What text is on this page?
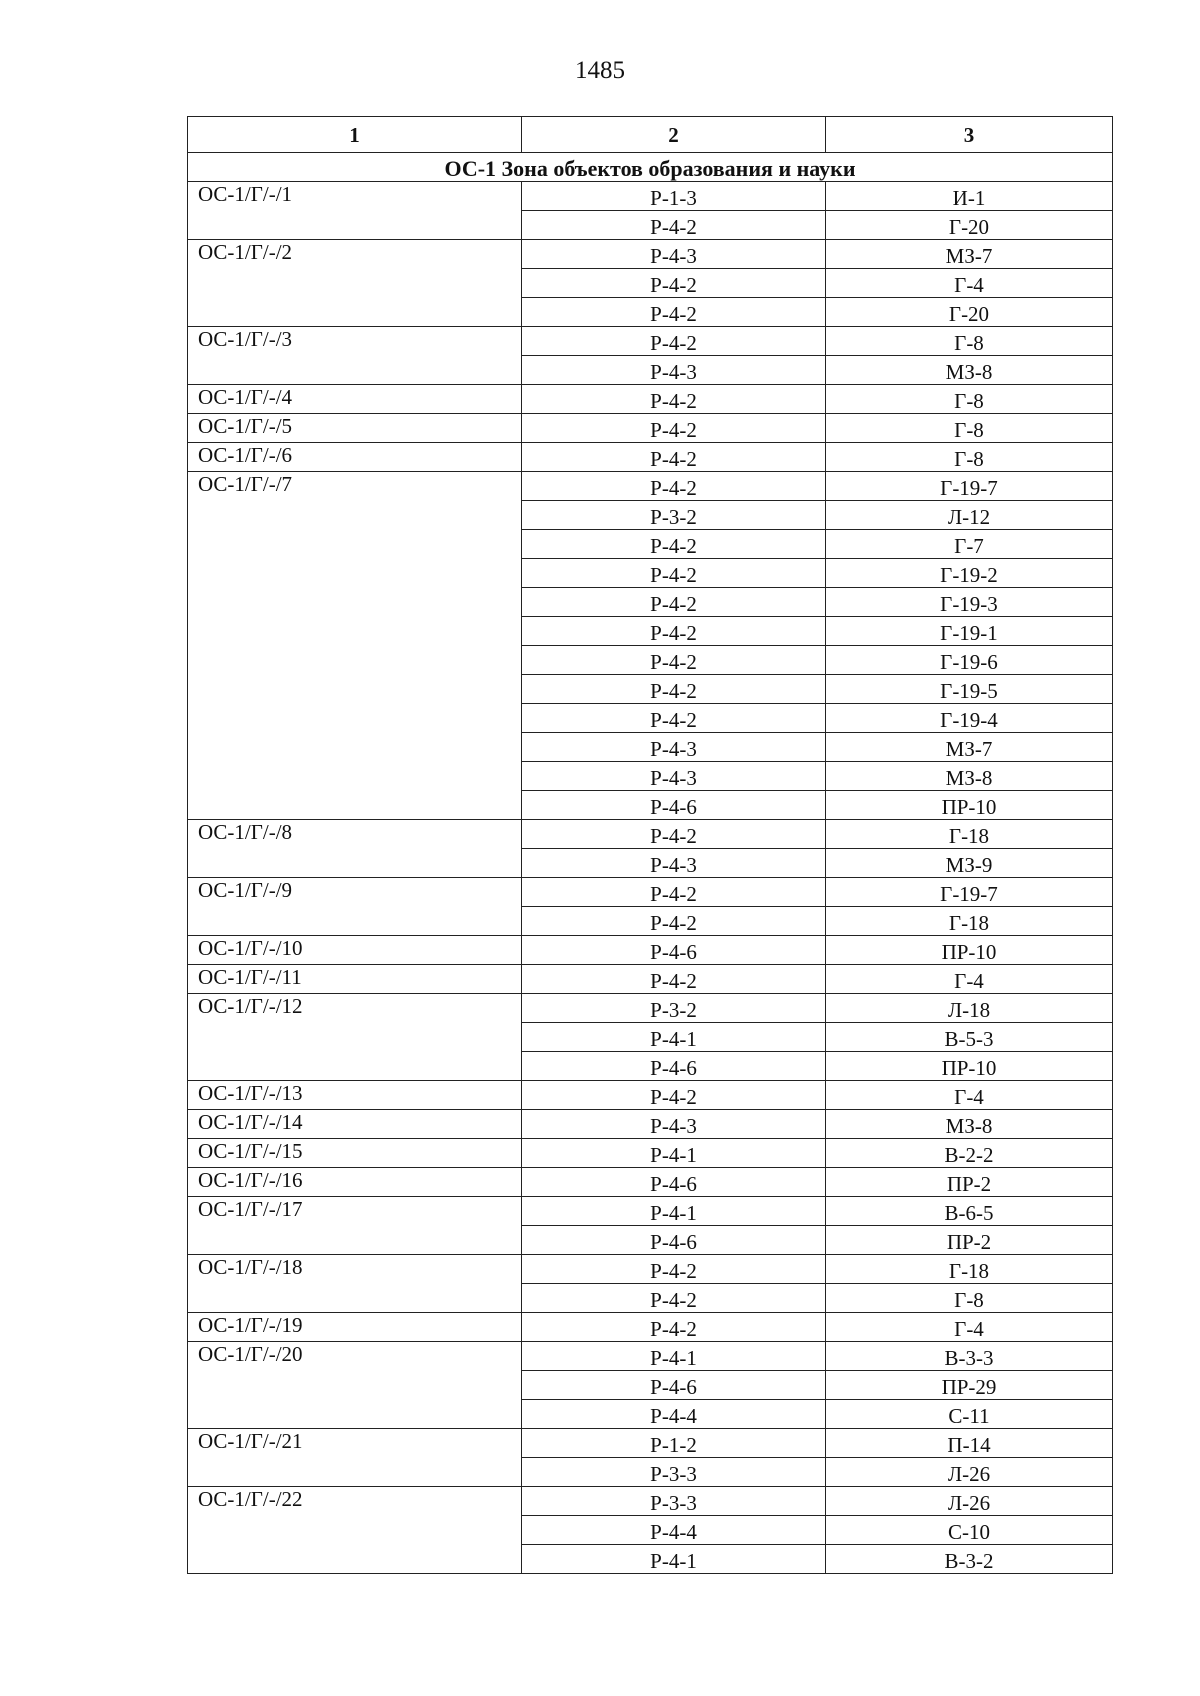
1485
1	2	3
ОС-1 Зона объектов образования и науки		
ОС-1/Г/-/1	Р-1-3	И-1
	Р-4-2	Г-20
ОС-1/Г/-/2	Р-4-3	МЗ-7
	Р-4-2	Г-4
	Р-4-2	Г-20
ОС-1/Г/-/3	Р-4-2	Г-8
	Р-4-3	МЗ-8
ОС-1/Г/-/4	Р-4-2	Г-8
ОС-1/Г/-/5	Р-4-2	Г-8
ОС-1/Г/-/6	Р-4-2	Г-8
ОС-1/Г/-/7	Р-4-2	Г-19-7
	Р-3-2	Л-12
	Р-4-2	Г-7
	Р-4-2	Г-19-2
	Р-4-2	Г-19-3
	Р-4-2	Г-19-1
	Р-4-2	Г-19-6
	Р-4-2	Г-19-5
	Р-4-2	Г-19-4
	Р-4-3	МЗ-7
	Р-4-3	МЗ-8
	Р-4-6	ПР-10
ОС-1/Г/-/8	Р-4-2	Г-18
	Р-4-3	МЗ-9
ОС-1/Г/-/9	Р-4-2	Г-19-7
	Р-4-2	Г-18
ОС-1/Г/-/10	Р-4-6	ПР-10
ОС-1/Г/-/11	Р-4-2	Г-4
ОС-1/Г/-/12	Р-3-2	Л-18
	Р-4-1	В-5-3
	Р-4-6	ПР-10
ОС-1/Г/-/13	Р-4-2	Г-4
ОС-1/Г/-/14	Р-4-3	МЗ-8
ОС-1/Г/-/15	Р-4-1	В-2-2
ОС-1/Г/-/16	Р-4-6	ПР-2
ОС-1/Г/-/17	Р-4-1	В-6-5
	Р-4-6	ПР-2
ОС-1/Г/-/18	Р-4-2	Г-18
	Р-4-2	Г-8
ОС-1/Г/-/19	Р-4-2	Г-4
ОС-1/Г/-/20	Р-4-1	В-3-3
	Р-4-6	ПР-29
	Р-4-4	С-11
ОС-1/Г/-/21	Р-1-2	П-14
	Р-3-3	Л-26
ОС-1/Г/-/22	Р-3-3	Л-26
	Р-4-4	С-10
	Р-4-1	В-3-2
